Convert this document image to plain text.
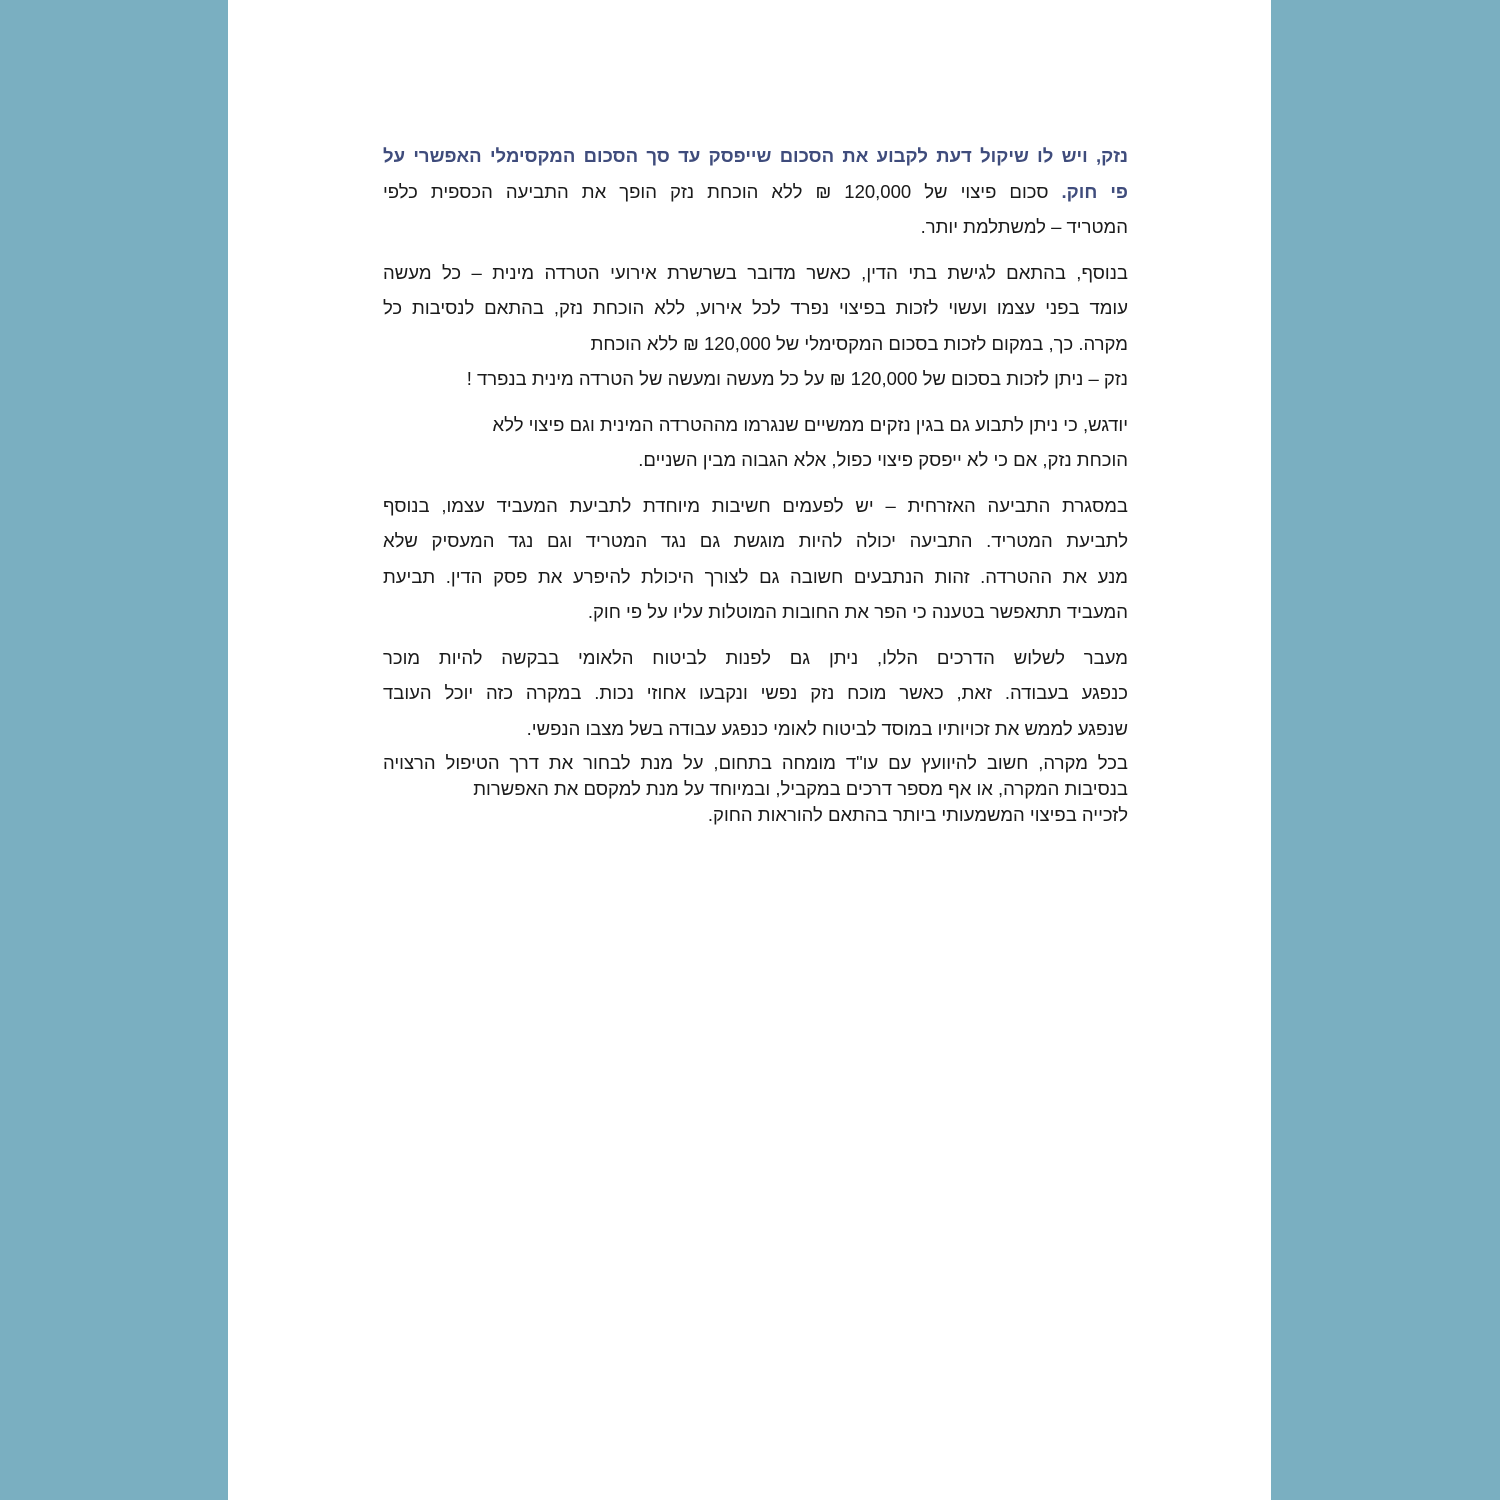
נזק, ויש לו שיקול דעת לקבוע את הסכום שייפסק עד סך הסכום המקסימלי האפשרי על
פי חוק. סכום פיצוי של 120,000 ₪ ללא הוכחת נזק הופך את התביעה הכספית כלפי
המטריד – למשתלמת יותר.
בנוסף, בהתאם לגישת בתי הדין, כאשר מדובר בשרשרת אירועי הטרדה מינית – כל מעשה
עומד בפני עצמו ועשוי לזכות בפיצוי נפרד לכל אירוע, ללא הוכחת נזק, בהתאם לנסיבות כל
מקרה. כך, במקום לזכות בסכום המקסימלי של 120,000 ₪ ללא הוכחת
נזק – ניתן לזכות בסכום של 120,000 ₪ על כל מעשה ומעשה של הטרדה מינית בנפרד !
יודגש, כי ניתן לתבוע גם בגין נזקים ממשיים שנגרמו מההטרדה המינית וגם פיצוי ללא
הוכחת נזק, אם כי לא ייפסק פיצוי כפול, אלא הגבוה מבין השניים.
במסגרת התביעה האזרחית – יש לפעמים חשיבות מיוחדת לתביעת המעביד עצמו, בנוסף
לתביעת המטריד. התביעה יכולה להיות מוגשת גם נגד המטריד וגם נגד המעסיק שלא
מנע את ההטרדה. זהות הנתבעים חשובה גם לצורך היכולת להיפרע את פסק הדין. תביעת
המעביד תתאפשר בטענה כי הפר את החובות המוטלות עליו על פי חוק.
מעבר לשלוש הדרכים הללו, ניתן גם לפנות לביטוח הלאומי בבקשה להיות מוכר
כנפגע בעבודה. זאת, כאשר מוכח נזק נפשי ונקבעו אחוזי נכות. במקרה כזה יוכל העובד
שנפגע לממש את זכויותיו במוסד לביטוח לאומי כנפגע עבודה בשל מצבו הנפשי.
בכל מקרה, חשוב להיוועץ עם עו"ד מומחה בתחום, על מנת לבחור את דרך הטיפול הרצויה
בנסיבות המקרה, או אף מספר דרכים במקביל, ובמיוחד על מנת למקסם את האפשרות
לזכייה בפיצוי המשמעותי ביותר בהתאם להוראות החוק.
